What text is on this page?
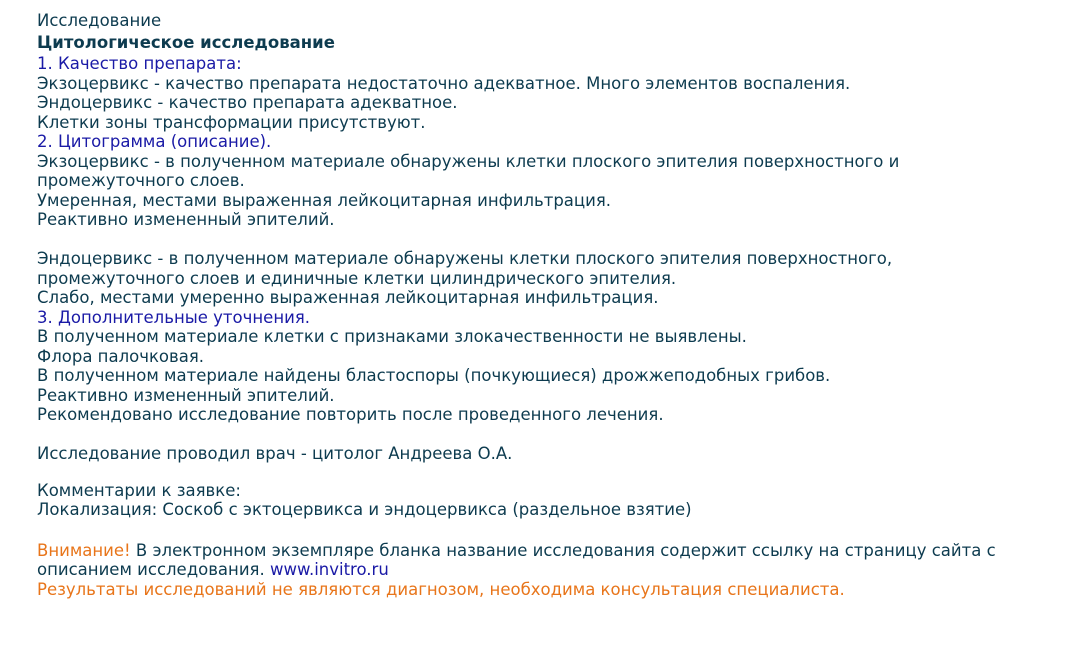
Исследование
Цитологическое исследование
1. Качество препарата:
Экзоцервикс - качество препарата недостаточно адекватное. Много элементов воспаления.
Эндоцервикс - качество препарата адекватное.
Клетки зоны трансформации присутствуют.
2. Цитограмма (описание).
Экзоцервикс - в полученном материале обнаружены клетки плоского эпителия поверхностного и промежуточного слоев.
Умеренная, местами выраженная лейкоцитарная инфильтрация.
Реактивно измененный эпителий.
Эндоцервикс - в полученном материале обнаружены клетки плоского эпителия поверхностного, промежуточного слоев и единичные клетки цилиндрического эпителия.
Слабо, местами умеренно выраженная лейкоцитарная инфильтрация.
3. Дополнительные уточнения.
В полученном материале клетки с признаками злокачественности не выявлены.
Флора палочковая.
В полученном материале найдены бластоспоры (почкующиеся) дрожжеподобных грибов.
Реактивно измененный эпителий.
Рекомендовано исследование повторить после проведенного лечения.
Исследование проводил врач - цитолог Андреева О.А.
Комментарии к заявке:
Локализация: Соскоб с эктоцервикса и эндоцервикса (раздельное взятие)
Внимание! В электронном экземпляре бланка название исследования содержит ссылку на страницу сайта с описанием исследования. www.invitro.ru
Результаты исследований не являются диагнозом, необходима консультация специалиста.
